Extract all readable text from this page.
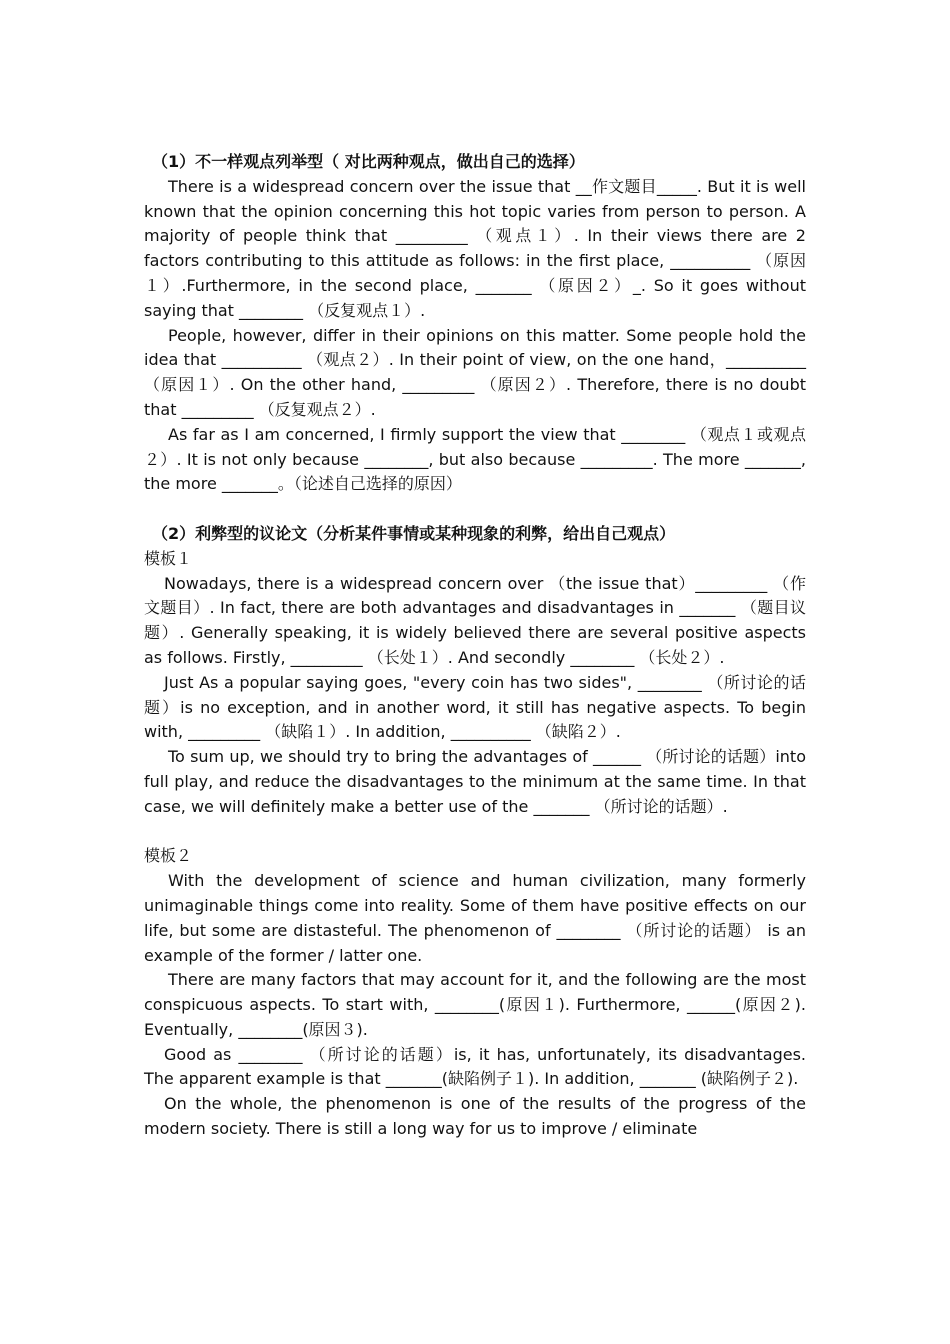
（1）不一样观点列举型（ 对比两种观点，做出自己的选择）

There is a widespread concern over the issue that __作文题目_____. But it is well known that the opinion concerning this hot topic varies from person to person. A majority of people think that _________ （观点１）. In their views there are 2 factors contributing to this attitude as follows: in the first place, __________ （原因１）.Furthermore, in the second place, _______ （原因２）_. So it goes without saying that ________ （反复观点１）.

People, however, differ in their opinions on this matter. Some people hold the idea that __________ （观点２）. In their point of view, on the one hand，__________ （原因１）. On the other hand, _________ （原因２）. Therefore, there is no doubt that _________ （反复观点２）.

As far as I am concerned, I firmly support the view that ________ （观点１或观点２）. It is not only because ________, but also because _________. The more _______, the more _______。（论述自己选择的原因）

（2）利弊型的议论文（分析某件事情或某种现象的利弊，给出自己观点）

模板１

Nowadays, there is a widespread concern over （the issue that）_________ （作文题目）. In fact, there are both advantages and disadvantages in _______ （题目议题）. Generally speaking, it is widely believed there are several positive aspects as follows. Firstly, _________ （长处１）. And secondly ________ （长处２）.

Just As a popular saying goes, "every coin has two sides", ________ （所讨论的话题）is no exception, and in another word, it still has negative aspects. To begin with, _________ （缺陷１）. In addition, __________ （缺陷２）.

To sum up, we should try to bring the advantages of ______ （所讨论的话题）into full play, and reduce the disadvantages to the minimum at the same time. In that case, we will definitely make a better use of the _______ （所讨论的话题）.

模板２

With the development of science and human civilization, many formerly unimaginable things come into reality. Some of them have positive effects on our life, but some are distasteful. The phenomenon of ________ （所讨论的话题） is an example of the former / latter one.

There are many factors that may account for it, and the following are the most conspicuous aspects. To start with, ________(原因１). Furthermore, ______(原因２). Eventually, ________(原因３).

Good as ________ （所讨论的话题）is, it has, unfortunately, its disadvantages. The apparent example is that _______(缺陷例子１). In addition, _______ (缺陷例子２).

On the whole, the phenomenon is one of the results of the progress of the modern society. There is still a long way for us to improve / eliminate
